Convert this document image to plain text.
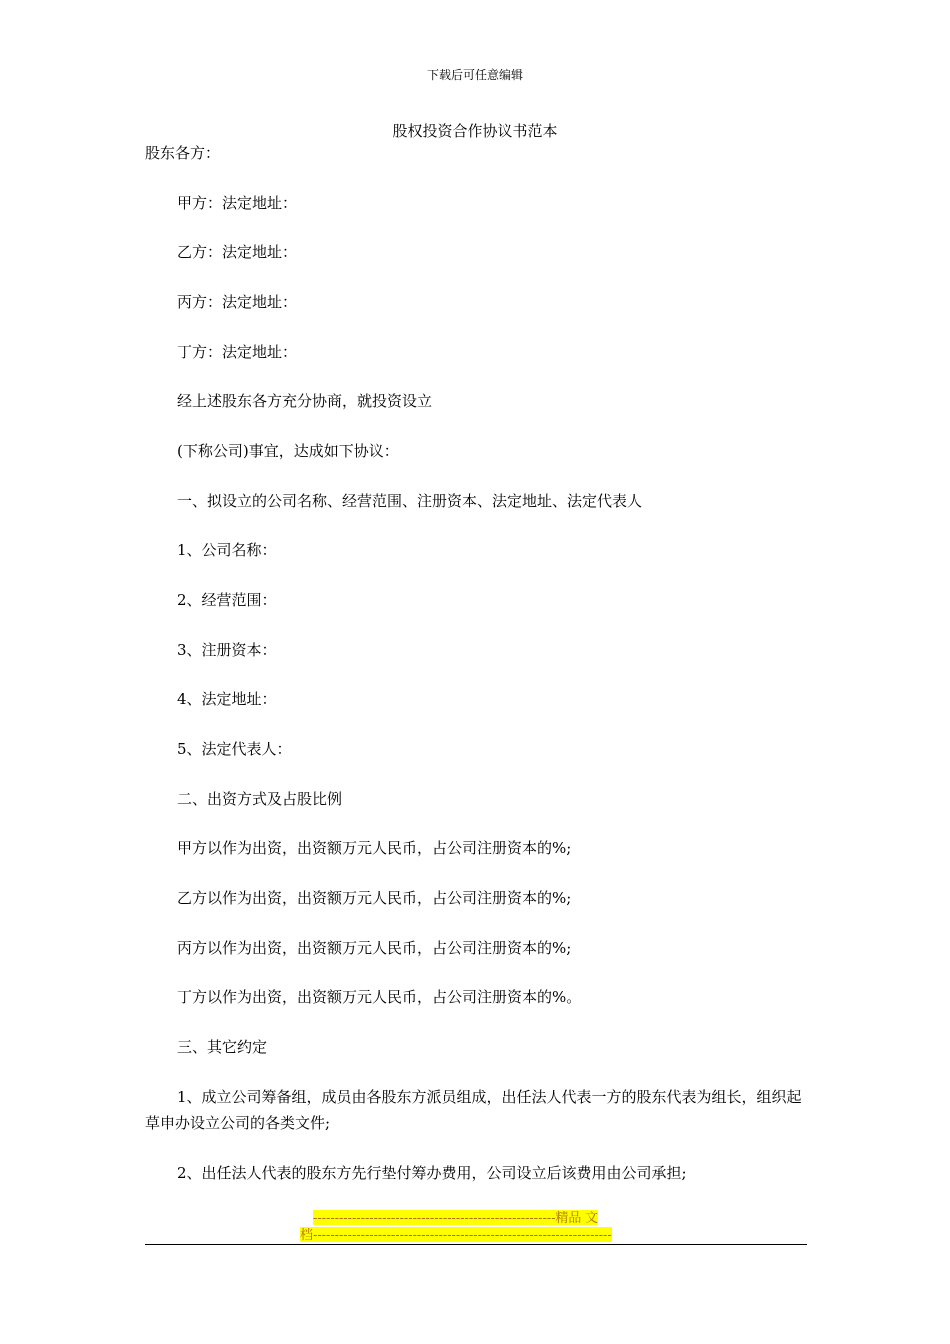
下载后可任意编辑
股权投资合作协议书范本
股东各方：
甲方：法定地址：
乙方：法定地址：
丙方：法定地址：
丁方：法定地址：
经上述股东各方充分协商，就投资设立
(下称公司)事宜，达成如下协议：
一、拟设立的公司名称、经营范围、注册资本、法定地址、法定代表人
1、公司名称：
2、经营范围：
3、注册资本：
4、法定地址：
5、法定代表人：
二、出资方式及占股比例
甲方以作为出资，出资额万元人民币，占公司注册资本的%;
乙方以作为出资，出资额万元人民币，占公司注册资本的%;
丙方以作为出资，出资额万元人民币，占公司注册资本的%;
丁方以作为出资，出资额万元人民币，占公司注册资本的%。
三、其它约定
1、成立公司筹备组，成员由各股东方派员组成，出任法人代表一方的股东代表为组长，组织起草申办设立公司的各类文件;
2、出任法人代表的股东方先行垫付筹办费用，公司设立后该费用由公司承担;
--------------------------------------------------------精品 文
档---------------------------------------------------------------------
